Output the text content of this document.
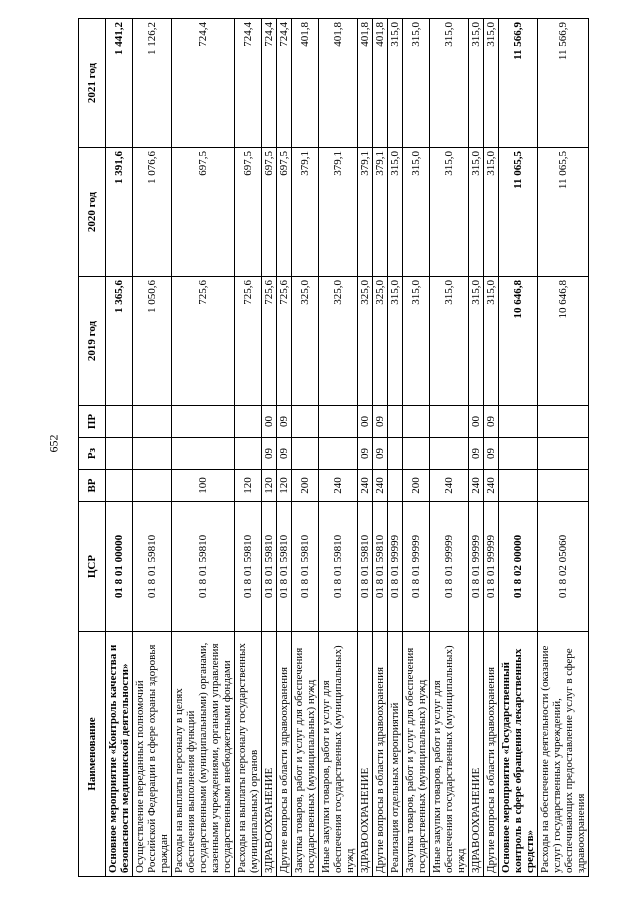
652
Наименование	ЦСР	ВР	Рз	ПР	2019 год	2020 год	2021 год
Основное мероприятие «Контроль качества и безопасности медицинской деятельности»	01 8 01 00000				1 365,6	1 391,6	1 441,2
Осуществление переданных полномочий Российской Федерации в сфере охраны здоровья граждан	01 8 01 59810				1 050,6	1 076,6	1 126,2
Расходы на выплаты персоналу в целях обеспечения выполнения функций государственными (муниципальными) органами, казенными учреждениями, органами управления государственными внебюджетными фондами	01 8 01 59810	100			725,6	697,5	724,4
Расходы на выплаты персоналу государственных (муниципальных) органов	01 8 01 59810	120			725,6	697,5	724,4
ЗДРАВООХРАНЕНИЕ	01 8 01 59810	120	09	00	725,6	697,5	724,4
Другие вопросы в области здравоохранения	01 8 01 59810	120	09	09	725,6	697,5	724,4
Закупка товаров, работ и услуг для обеспечения государственных (муниципальных) нужд	01 8 01 59810	200			325,0	379,1	401,8
Иные закупки товаров, работ и услуг для обеспечения государственных (муниципальных) нужд	01 8 01 59810	240			325,0	379,1	401,8
ЗДРАВООХРАНЕНИЕ	01 8 01 59810	240	09	00	325,0	379,1	401,8
Другие вопросы в области здравоохранения	01 8 01 59810	240	09	09	325,0	379,1	401,8
Реализация отдельных мероприятий	01 8 01 99999				315,0	315,0	315,0
Закупка товаров, работ и услуг для обеспечения государственных (муниципальных) нужд	01 8 01 99999	200			315,0	315,0	315,0
Иные закупки товаров, работ и услуг для обеспечения государственных (муниципальных) нужд	01 8 01 99999	240			315,0	315,0	315,0
ЗДРАВООХРАНЕНИЕ	01 8 01 99999	240	09	00	315,0	315,0	315,0
Другие вопросы в области здравоохранения	01 8 01 99999	240	09	09	315,0	315,0	315,0
Основное мероприятие «Государственный контроль в сфере обращения лекарственных средств»	01 8 02 00000				10 646,8	11 065,5	11 566,9
Расходы на обеспечение деятельности (оказание услуг) государственных учреждений, обеспечивающих предоставление услуг в сфере здравоохранения	01 8 02 05060				10 646,8	11 065,5	11 566,9
